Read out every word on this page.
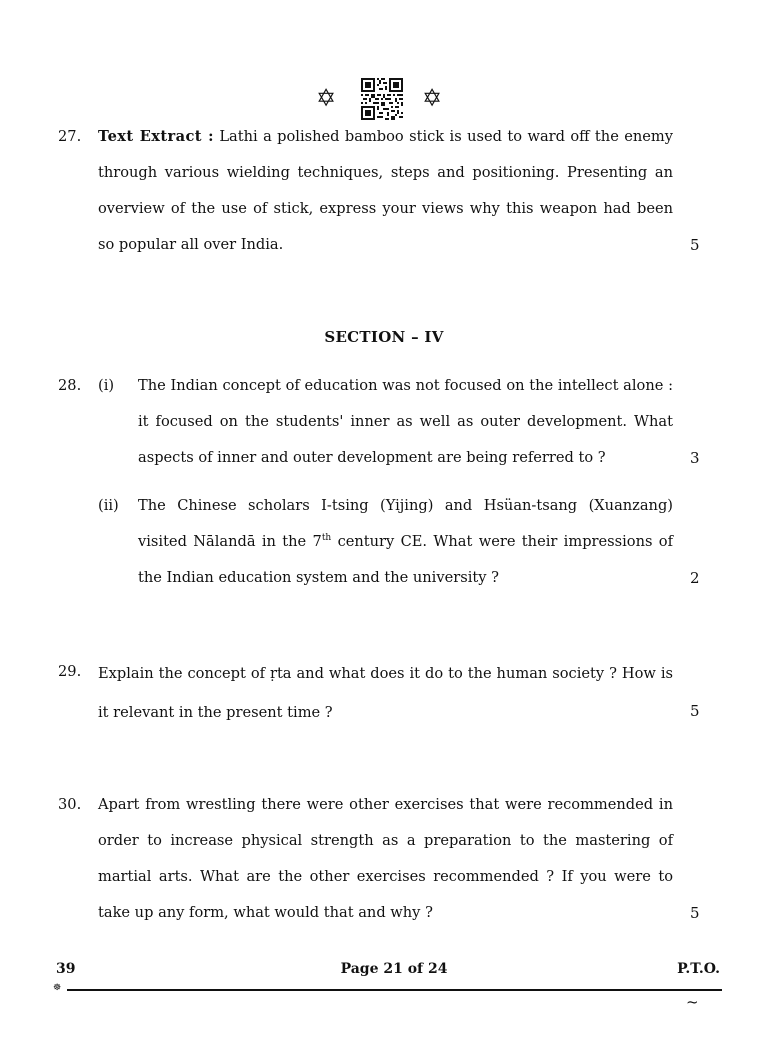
✡	✡
27. Text Extract : Lathi a polished bamboo stick is used to ward off the enemy through various wielding techniques, steps and positioning. Presenting an overview of the use of stick, express your views why this weapon had been so popular all over India.	5
SECTION – IV
28. (i) The Indian concept of education was not focused on the intellect alone : it focused on the students' inner as well as outer development. What aspects of inner and outer development are being referred to ?	3
(ii) The Chinese scholars I-tsing (Yijing) and Hsüan-tsang (Xuanzang) visited Nālandā in the 7th century CE. What were their impressions of the Indian education system and the university ?	2
29. Explain the concept of ṛta and what does it do to the human society ? How is it relevant in the present time ?	5
30. Apart from wrestling there were other exercises that were recommended in order to increase physical strength as a preparation to the mastering of martial arts. What are the other exercises recommended ? If you were to take up any form, what would that and why ?	5
39	Page 21 of 24	P.T.O.
☸
~
